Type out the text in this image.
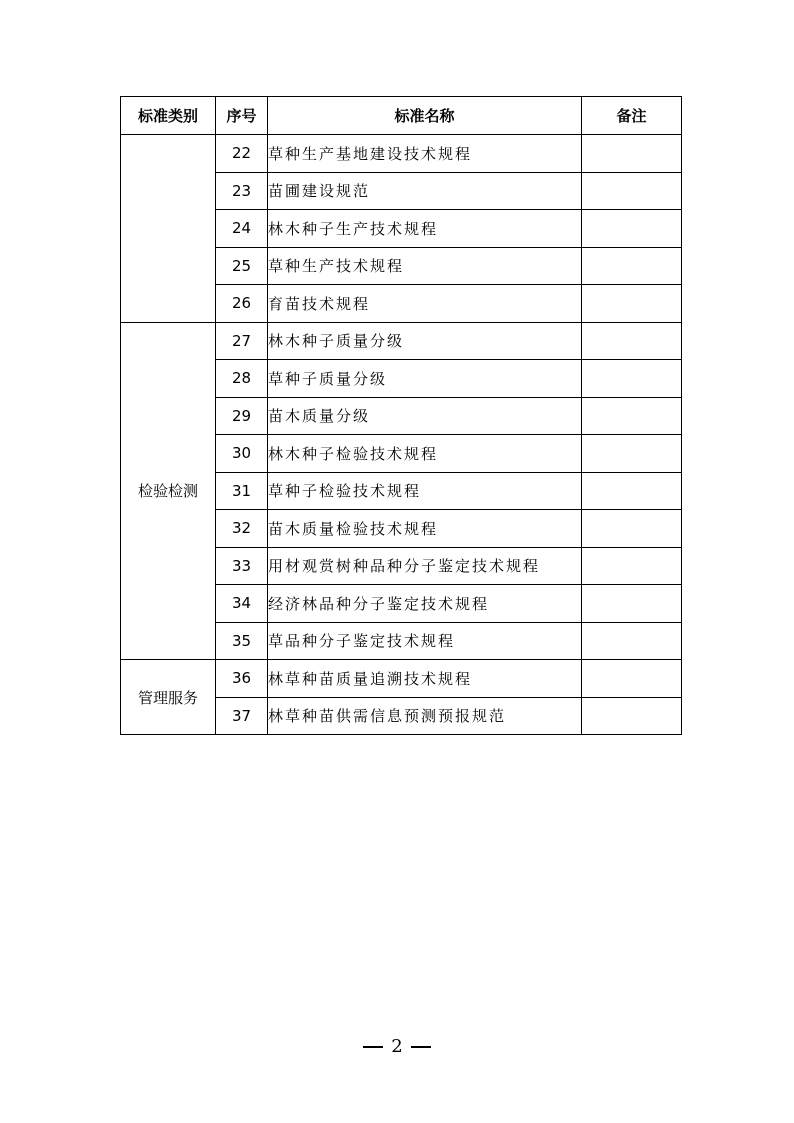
标准类别	序号	标准名称	备注
	22	草种生产基地建设技术规程	
	23	苗圃建设规范	
	24	林木种子生产技术规程	
	25	草种生产技术规程	
	26	育苗技术规程	
检验检测	27	林木种子质量分级	
	28	草种子质量分级	
	29	苗木质量分级	
	30	林木种子检验技术规程	
	31	草种子检验技术规程	
	32	苗木质量检验技术规程	
	33	用材观赏树种品种分子鉴定技术规程	
	34	经济林品种分子鉴定技术规程	
	35	草品种分子鉴定技术规程	
管理服务	36	林草种苗质量追溯技术规程	
	37	林草种苗供需信息预测预报规范	
2
